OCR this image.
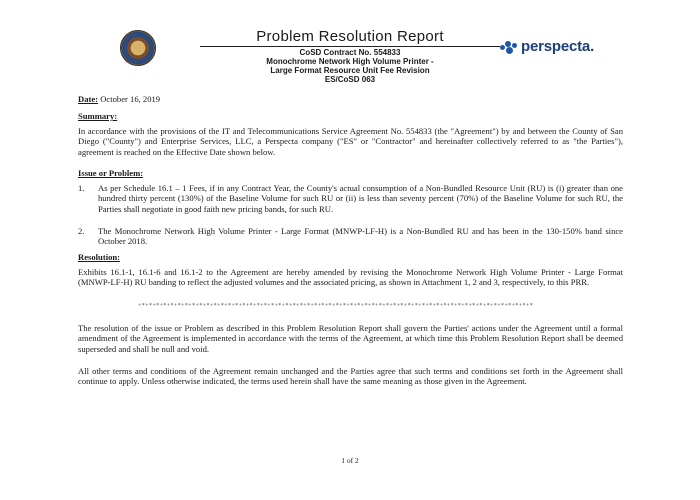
Problem Resolution Report
CoSD Contract No. 554833
Monochrome Network High Volume Printer -
Large Format Resource Unit Fee Revision
ES/CoSD 063
perspecta.
Date: October 16, 2019
Summary:
In accordance with the provisions of the IT and Telecommunications Service Agreement No. 554833 (the "Agreement") by and between the County of San Diego ("County") and Enterprise Services, LLC, a Perspecta company ("ES" or "Contractor" and hereinafter collectively referred to as "the Parties"), agreement is reached on the Effective Date shown below.
Issue or Problem:
1.	As per Schedule 16.1 – 1 Fees, if in any Contract Year, the County's actual consumption of a Non-Bundled Resource Unit (RU) is (i) greater than one hundred thirty percent (130%) of the Baseline Volume for such RU or (ii) is less than seventy percent (70%) of the Baseline Volume for such RU, the Parties shall negotiate in good faith new pricing bands, for such RU.
2.	The Monochrome Network High Volume Printer - Large Format (MNWP-LF-H) is a Non-Bundled RU and has been in the 130-150% band since October 2018.
Resolution:
Exhibits 16.1-1, 16.1-6 and 16.1-2 to the Agreement are hereby amended by revising the Monochrome Network High Volume Printer - Large Format (MNWP-LF-H) RU banding to reflect the adjusted volumes and the associated pricing, as shown in Attachment 1, 2 and 3, respectively, to this PRR.
+*+*+*+*+*+*+*+*+*+*+*+*+*+*+*+*+*+*+*+*+*+*+*+*+*+*+*+*+*+*+*+*+*+*+*+*+*+*+*+*+*+*+*+*+*+*+*+*+*+*+*+*+*+*+*
The resolution of the issue or Problem as described in this Problem Resolution Report shall govern the Parties' actions under the Agreement until a formal amendment of the Agreement is implemented in accordance with the terms of the Agreement, at which time this Problem Resolution Report shall be deemed superseded and shall be null and void.
All other terms and conditions of the Agreement remain unchanged and the Parties agree that such terms and conditions set forth in the Agreement shall continue to apply. Unless otherwise indicated, the terms used herein shall have the same meaning as those given in the Agreement.
1 of 2
